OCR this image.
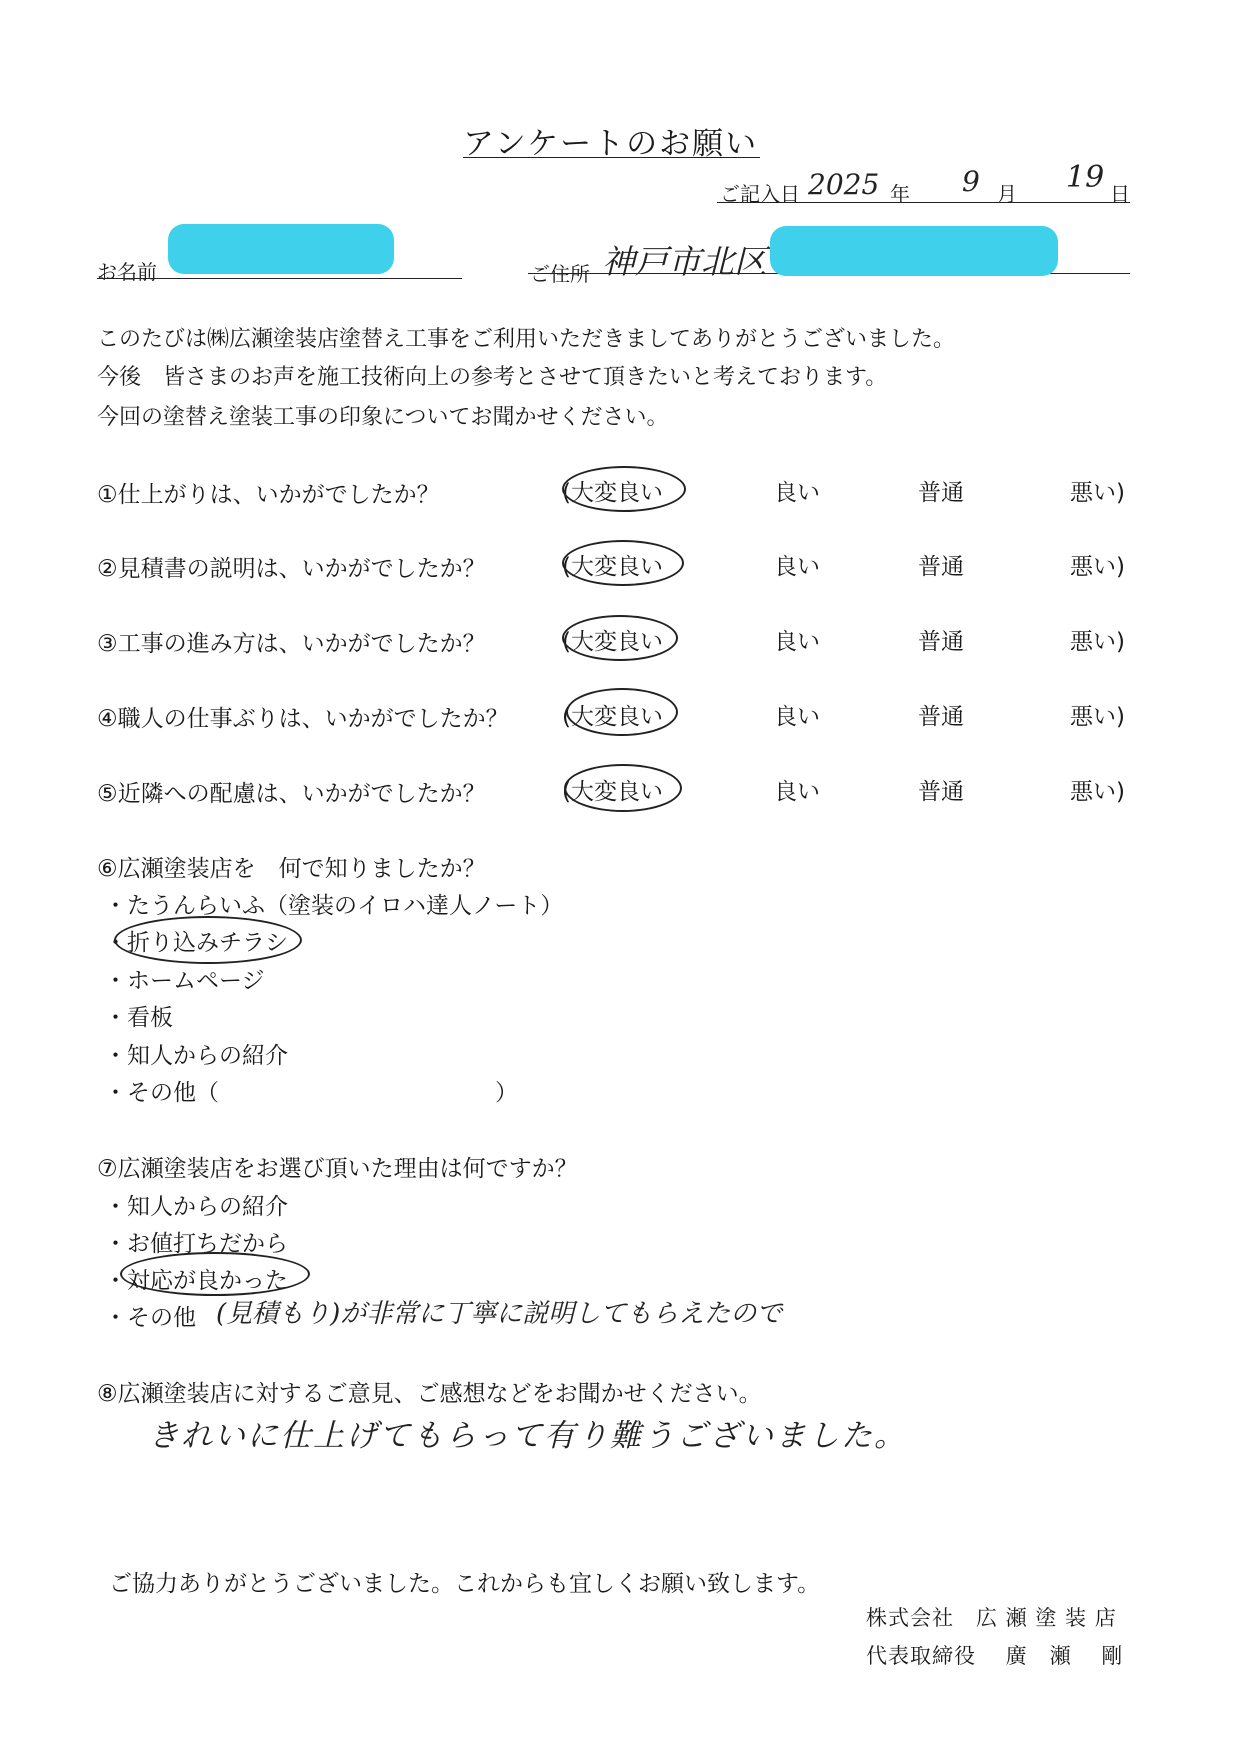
アンケートのお願い
ご記入日 2025 年 9 月 19 日
お名前	ご住所 神戸市北区
このたびは㈱広瀬塗装店塗替え工事をご利用いただきましてありがとうございました。
今後　皆さまのお声を施工技術向上の参考とさせて頂きたいと考えております。
今回の塗替え塗装工事の印象についてお聞かせください。
①仕上がりは、いかがでしたか？	(大変良い	良い	普通	悪い)
②見積書の説明は、いかがでしたか？	(大変良い	良い	普通	悪い)
③工事の進み方は、いかがでしたか？	(大変良い	良い	普通	悪い)
④職人の仕事ぶりは、いかがでしたか？ (大変良い	良い	普通	悪い)
⑤近隣への配慮は、いかがでしたか？	(大変良い	良い	普通	悪い)
⑥広瀬塗装店を　何で知りましたか？
・たうんらいふ（塗装のイロハ達人ノート）
・折り込みチラシ
・ホームページ
・看板
・知人からの紹介
・その他（　　　　　　　　　　　　）
⑦広瀬塗装店をお選び頂いた理由は何ですか？
・知人からの紹介
・お値打ちだから
・対応が良かった
・その他 (見積もり)が非常に丁寧に説明してもらえたので
⑧広瀬塗装店に対するご意見、ご感想などをお聞かせください。
きれいに仕上げてもらって有り難うございました。
ご協力ありがとうございました。これからも宜しくお願い致します。
株式会社　広 瀬 塗 装 店
代表取締役　 廣　瀬　 剛
